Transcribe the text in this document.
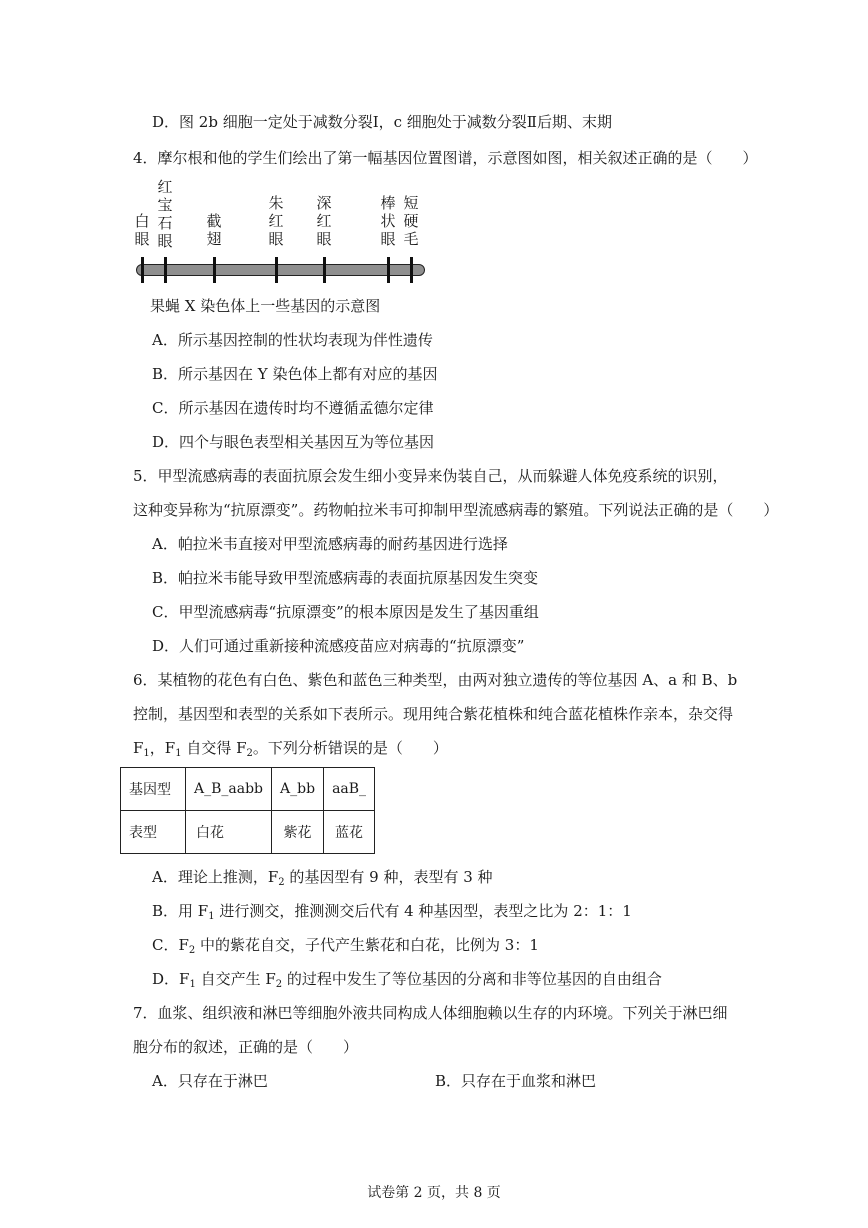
D．图 2b 细胞一定处于减数分裂Ⅰ，c 细胞处于减数分裂Ⅱ后期、末期
4．摩尔根和他的学生们绘出了第一幅基因位置图谱，示意图如图，相关叙述正确的是（　　）
白眼
红宝石眼
截翅
朱红眼
深红眼
棒状眼
短硬毛
果蝇 X 染色体上一些基因的示意图
A．所示基因控制的性状均表现为伴性遗传
B．所示基因在 Y 染色体上都有对应的基因
C．所示基因在遗传时均不遵循孟德尔定律
D．四个与眼色表型相关基因互为等位基因
5．甲型流感病毒的表面抗原会发生细小变异来伪装自己，从而躲避人体免疫系统的识别，
这种变异称为“抗原漂变”。药物帕拉米韦可抑制甲型流感病毒的繁殖。下列说法正确的是（　　）
A．帕拉米韦直接对甲型流感病毒的耐药基因进行选择
B．帕拉米韦能导致甲型流感病毒的表面抗原基因发生突变
C．甲型流感病毒“抗原漂变”的根本原因是发生了基因重组
D．人们可通过重新接种流感疫苗应对病毒的“抗原漂变”
6．某植物的花色有白色、紫色和蓝色三种类型，由两对独立遗传的等位基因 A、a 和 B、b
控制，基因型和表型的关系如下表所示。现用纯合紫花植株和纯合蓝花植株作亲本，杂交得
$F_1$，$F_1$ 自交得 $F_2$。下列分析错误的是（　　）
基因型	A_B_aabb	A_bb	aaB_
表型	白花	紫花	蓝花
A．理论上推测，$F_2$ 的基因型有 9 种，表型有 3 种
B．用 $F_1$ 进行测交，推测测交后代有 4 种基因型，表型之比为 2：1：1
C．$F_2$ 中的紫花自交，子代产生紫花和白花，比例为 3：1
D．$F_1$ 自交产生 $F_2$ 的过程中发生了等位基因的分离和非等位基因的自由组合
7．血浆、组织液和淋巴等细胞外液共同构成人体细胞赖以生存的内环境。下列关于淋巴细
胞分布的叙述，正确的是（　　）
A．只存在于淋巴	B．只存在于血浆和淋巴
试卷第 2 页，共 8 页
